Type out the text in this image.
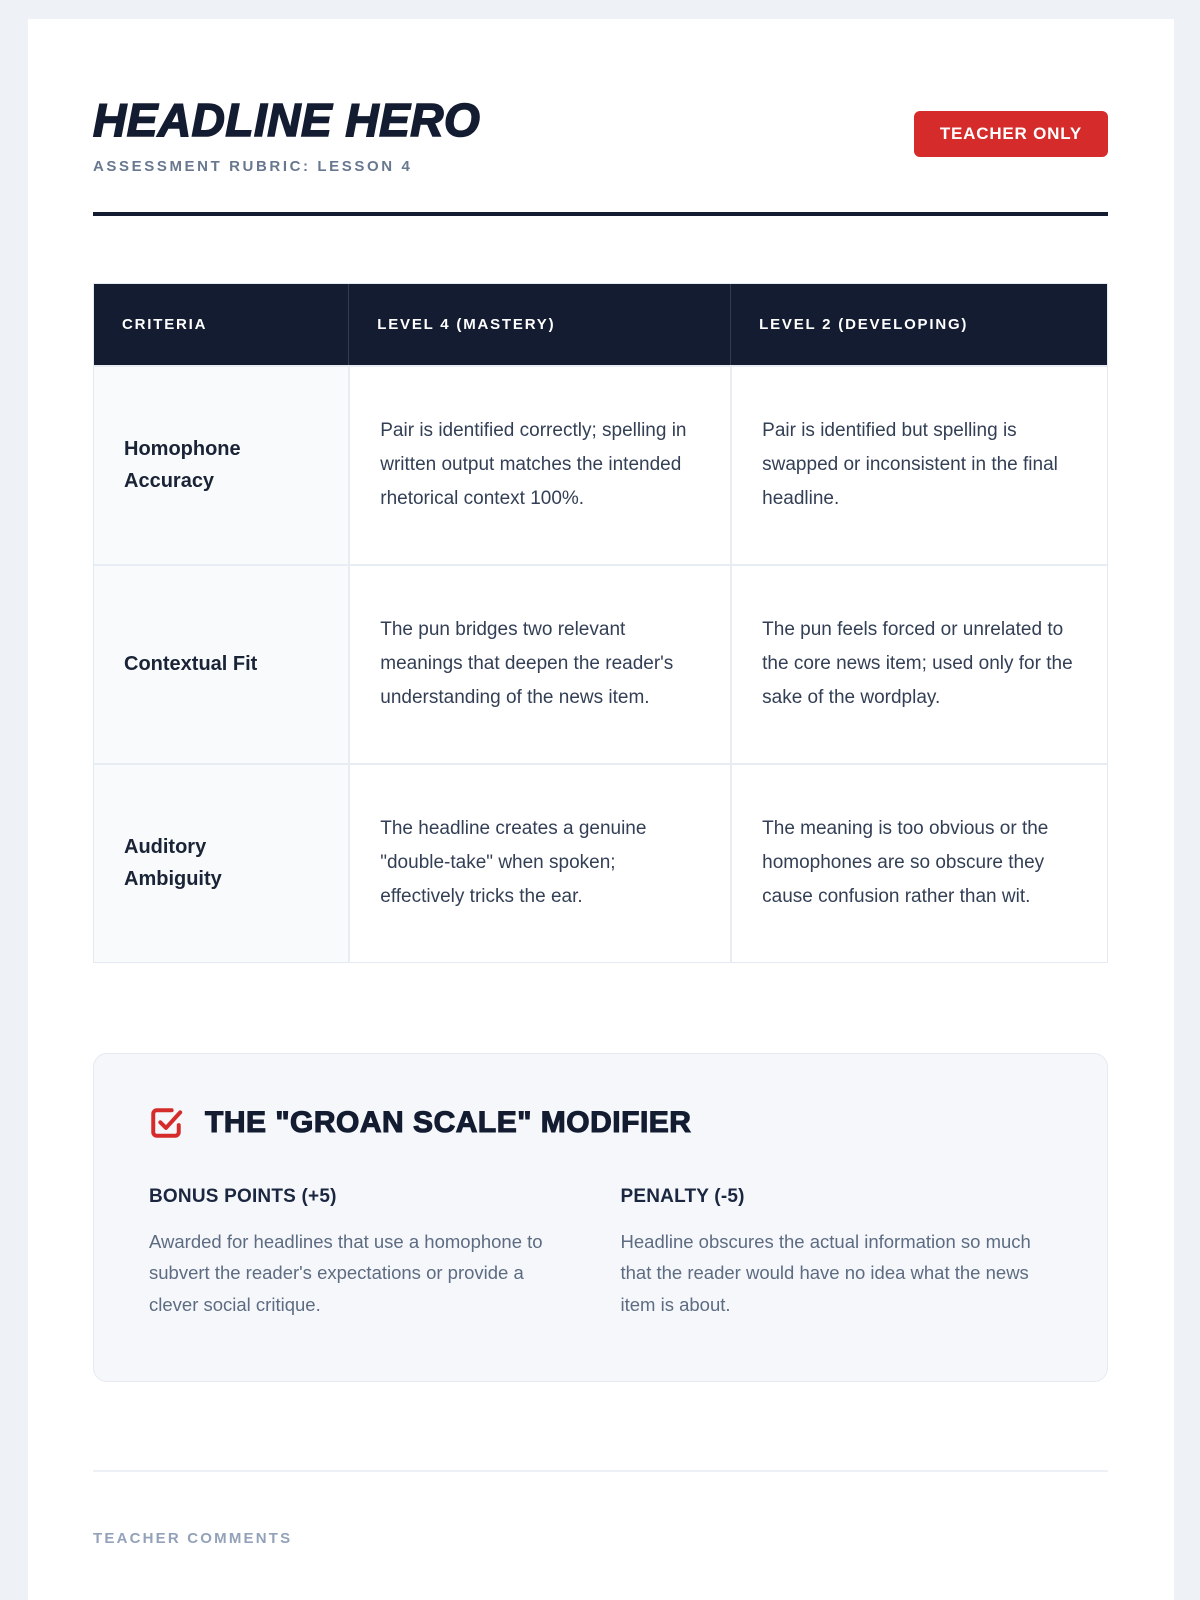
HEADLINE HERO
ASSESSMENT RUBRIC: LESSON 4
TEACHER ONLY
CRITERIA	LEVEL 4 (MASTERY)	LEVEL 2 (DEVELOPING)
Homophone Accuracy
Pair is identified correctly; spelling in written output matches the intended rhetorical context 100%.
Pair is identified but spelling is swapped or inconsistent in the final headline.
Contextual Fit
The pun bridges two relevant meanings that deepen the reader's understanding of the news item.
The pun feels forced or unrelated to the core news item; used only for the sake of the wordplay.
Auditory Ambiguity
The headline creates a genuine "double-take" when spoken; effectively tricks the ear.
The meaning is too obvious or the homophones are so obscure they cause confusion rather than wit.
THE "GROAN SCALE" MODIFIER
BONUS POINTS (+5)
Awarded for headlines that use a homophone to subvert the reader's expectations or provide a clever social critique.
PENALTY (-5)
Headline obscures the actual information so much that the reader would have no idea what the news item is about.
TEACHER COMMENTS
